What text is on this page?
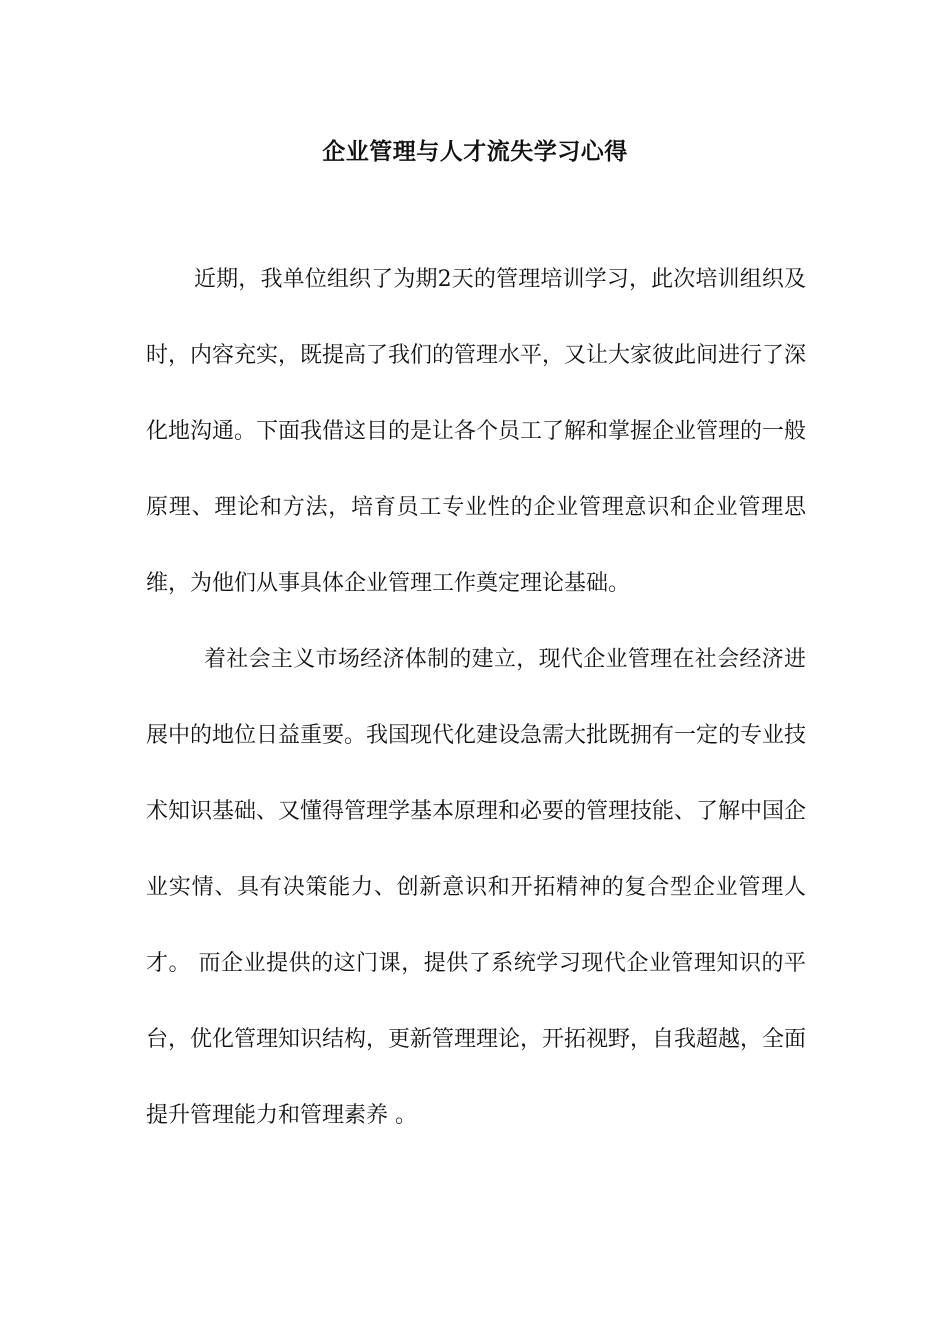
企业管理与人才流失学习心得

近期，我单位组织了为期2天的管理培训学习，此次培训组织及时，内容充实，既提高了我们的管理水平，又让大家彼此间进行了深化地沟通。下面我借这目的是让各个员工了解和掌握企业管理的一般原理、理论和方法，培育员工专业性的企业管理意识和企业管理思维，为他们从事具体企业管理工作奠定理论基础。

着社会主义市场经济体制的建立，现代企业管理在社会经济进展中的地位日益重要。我国现代化建设急需大批既拥有一定的专业技术知识基础、又懂得管理学基本原理和必要的管理技能、了解中国企业实情、具有决策能力、创新意识和开拓精神的复合型企业管理人才。 而企业提供的这门课，提供了系统学习现代企业管理知识的平台，优化管理知识结构，更新管理理论，开拓视野，自我超越，全面提升管理能力和管理素养 。
